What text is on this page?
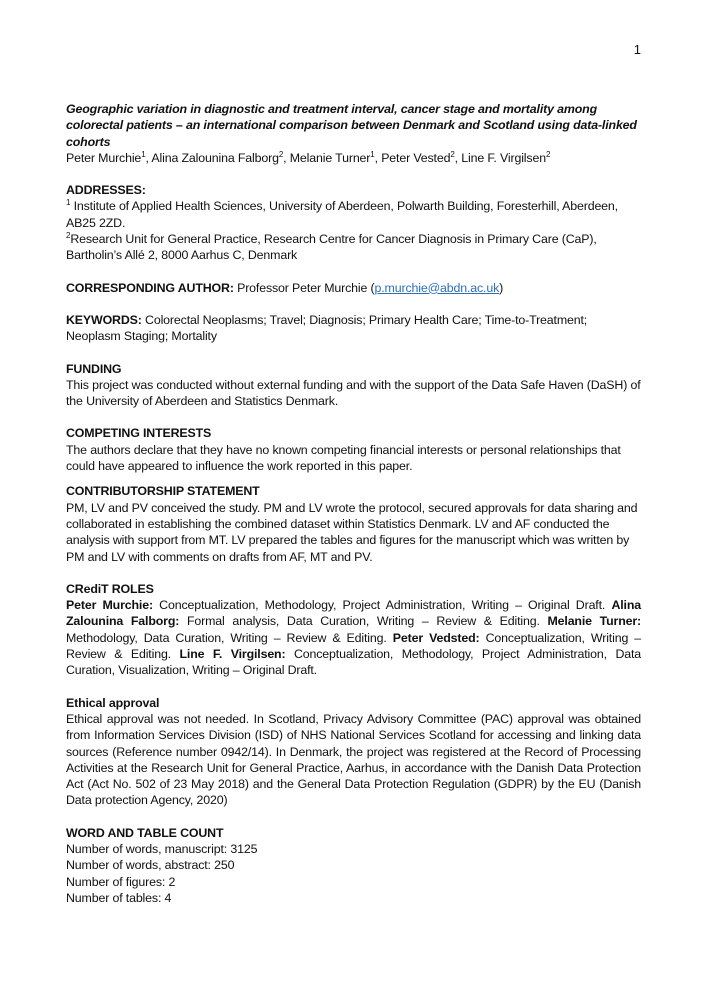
1

Geographic variation in diagnostic and treatment interval, cancer stage and mortality among colorectal patients – an international comparison between Denmark and Scotland using data-linked cohorts

Peter Murchie$^1$, Alina Zalounina Falborg$^2$, Melanie Turner$^1$, Peter Vested$^2$, Line F. Virgilsen$^2$

ADDRESSES:

$^1$ Institute of Applied Health Sciences, University of Aberdeen, Polwarth Building, Foresterhill, Aberdeen, AB25 2ZD.

$^2$Research Unit for General Practice, Research Centre for Cancer Diagnosis in Primary Care (CaP), Bartholin’s Allé 2, 8000 Aarhus C, Denmark

CORRESPONDING AUTHOR: Professor Peter Murchie (p.murchie@abdn.ac.uk)

KEYWORDS: Colorectal Neoplasms; Travel; Diagnosis; Primary Health Care; Time-to-Treatment; Neoplasm Staging; Mortality

FUNDING

This project was conducted without external funding and with the support of the Data Safe Haven (DaSH) of the University of Aberdeen and Statistics Denmark.

COMPETING INTERESTS

The authors declare that they have no known competing financial interests or personal relationships that could have appeared to influence the work reported in this paper.

CONTRIBUTORSHIP STATEMENT

PM, LV and PV conceived the study. PM and LV wrote the protocol, secured approvals for data sharing and collaborated in establishing the combined dataset within Statistics Denmark. LV and AF conducted the analysis with support from MT. LV prepared the tables and figures for the manuscript which was written by PM and LV with comments on drafts from AF, MT and PV.

CRediT ROLES

Peter Murchie: Conceptualization, Methodology, Project Administration, Writing – Original Draft. Alina Zalounina Falborg: Formal analysis, Data Curation, Writing – Review & Editing. Melanie Turner: Methodology, Data Curation, Writing – Review & Editing. Peter Vedsted: Conceptualization, Writing – Review & Editing. Line F. Virgilsen: Conceptualization, Methodology, Project Administration, Data Curation, Visualization, Writing – Original Draft.

Ethical approval

Ethical approval was not needed. In Scotland, Privacy Advisory Committee (PAC) approval was obtained from Information Services Division (ISD) of NHS National Services Scotland for accessing and linking data sources (Reference number 0942/14). In Denmark, the project was registered at the Record of Processing Activities at the Research Unit for General Practice, Aarhus, in accordance with the Danish Data Protection Act (Act No. 502 of 23 May 2018) and the General Data Protection Regulation (GDPR) by the EU (Danish Data protection Agency, 2020)

WORD AND TABLE COUNT

Number of words, manuscript: 3125

Number of words, abstract: 250

Number of figures: 2

Number of tables: 4
